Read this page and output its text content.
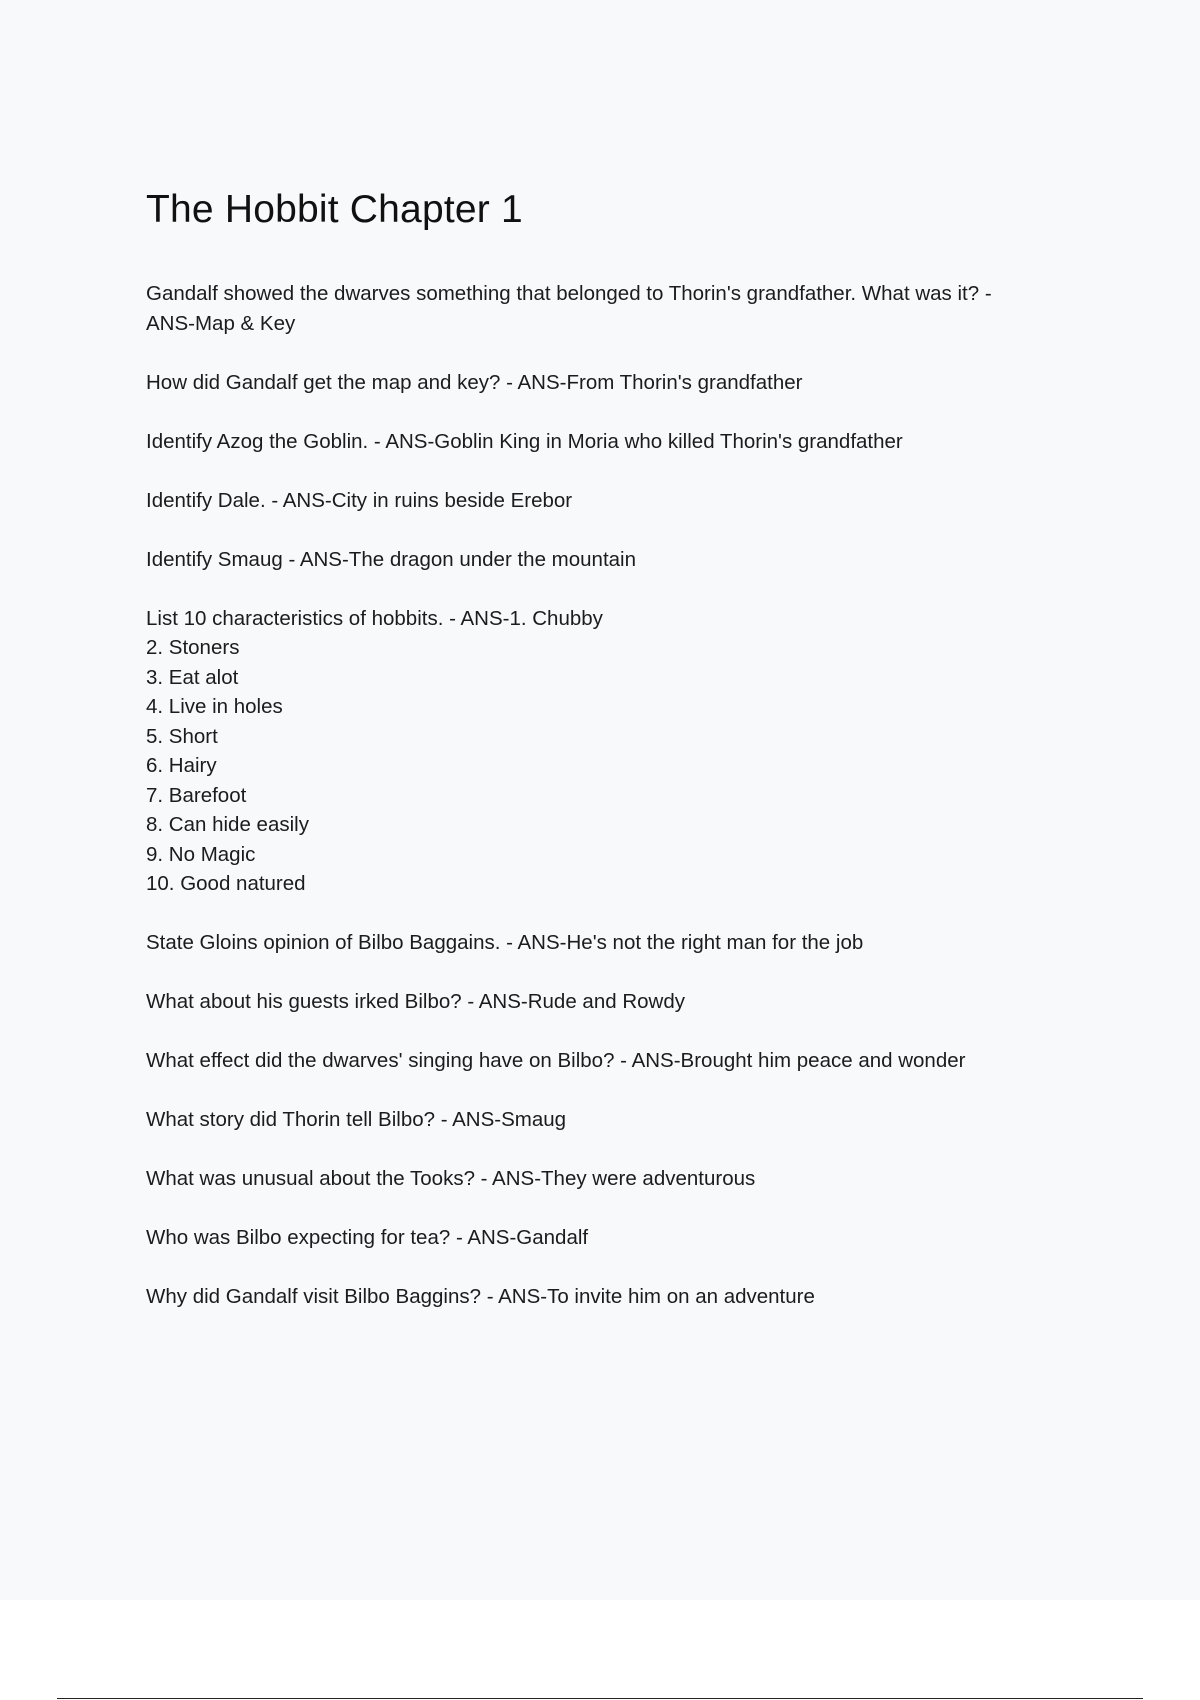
The Hobbit Chapter 1
Gandalf showed the dwarves something that belonged to Thorin's grandfather. What was it? -
ANS-Map & Key
How did Gandalf get the map and key? - ANS-From Thorin's grandfather
Identify Azog the Goblin. - ANS-Goblin King in Moria who killed Thorin's grandfather
Identify Dale. - ANS-City in ruins beside Erebor
Identify Smaug - ANS-The dragon under the mountain
List 10 characteristics of hobbits. - ANS-1. Chubby
2. Stoners
3. Eat alot
4. Live in holes
5. Short
6. Hairy
7. Barefoot
8. Can hide easily
9. No Magic
10. Good natured
State Gloins opinion of Bilbo Baggains. - ANS-He's not the right man for the job
What about his guests irked Bilbo? - ANS-Rude and Rowdy
What effect did the dwarves' singing have on Bilbo? - ANS-Brought him peace and wonder
What story did Thorin tell Bilbo? - ANS-Smaug
What was unusual about the Tooks? - ANS-They were adventurous
Who was Bilbo expecting for tea? - ANS-Gandalf
Why did Gandalf visit Bilbo Baggins? - ANS-To invite him on an adventure
